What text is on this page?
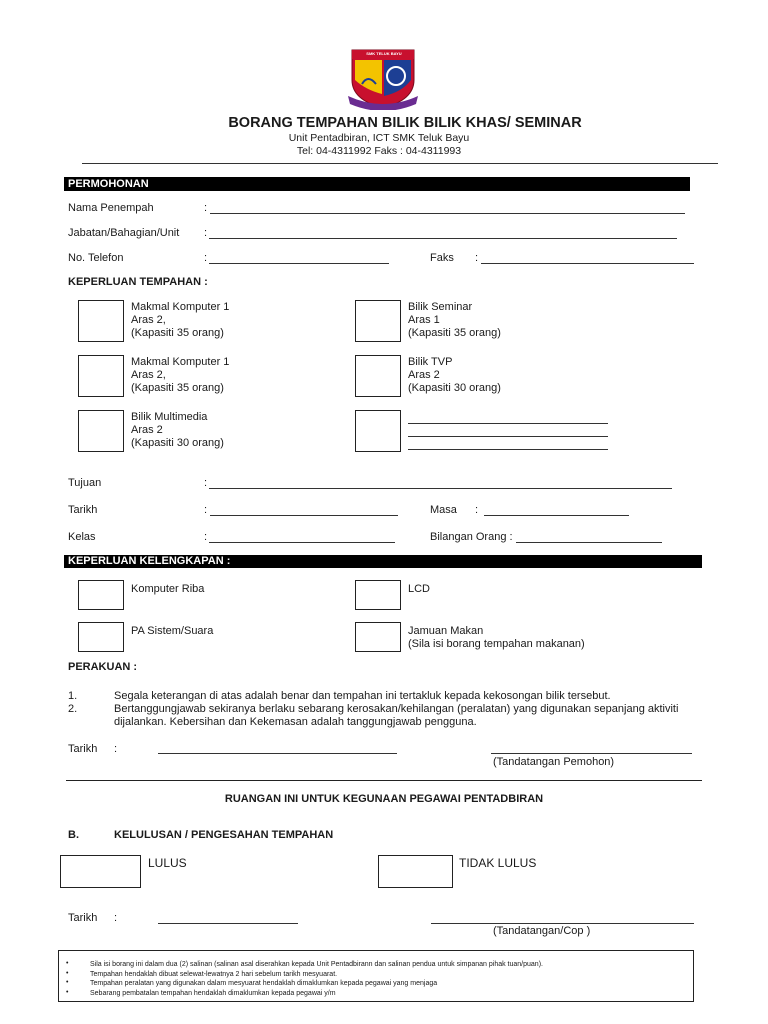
SMK TELUK BAYU
BORANG TEMPAHAN BILIK BILIK KHAS/ SEMINAR
Unit Pentadbiran, ICT SMK Teluk Bayu
Tel: 04-4311992 Faks : 04-4311993
PERMOHONAN
Nama Penempah	:
Jabatan/Bahagian/Unit :
No. Telefon	:	Faks :
KEPERLUAN TEMPAHAN :
Makmal Komputer 1
Aras 2,
(Kapasiti 35 orang)
Bilik Seminar
Aras 1
(Kapasiti 35 orang)
Makmal Komputer 1
Aras 2,
(Kapasiti 35 orang)
Bilik TVP
Aras 2
(Kapasiti 30 orang)
Bilik Multimedia
Aras 2
(Kapasiti 30 orang)
Tujuan	:
Tarikh	:	Masa :
Kelas	:	Bilangan Orang :
KEPERLUAN KELENGKAPAN :
Komputer Riba	LCD
PA Sistem/Suara	Jamuan Makan
(Sila isi borang tempahan makanan)
PERAKUAN :
1.	Segala keterangan di atas adalah benar dan tempahan ini tertakluk kepada kekosongan bilik tersebut.
2.	Bertanggungjawab sekiranya berlaku sebarang kerosakan/kehilangan (peralatan) yang digunakan sepanjang aktiviti
dijalankan. Kebersihan dan Kekemasan adalah tanggungjawab pengguna.
Tarikh :
(Tandatangan Pemohon)
RUANGAN INI UNTUK KEGUNAAN PEGAWAI PENTADBIRAN
B.	KELULUSAN / PENGESAHAN TEMPAHAN
LULUS	TIDAK LULUS
Tarikh :
(Tandatangan/Cop )
•	Sila isi borang ini dalam dua (2) salinan (salinan asal diserahkan kepada Unit Pentadbirann dan salinan pendua untuk simpanan pihak tuan/puan).
•	Tempahan hendaklah dibuat selewat-lewatnya 2 hari sebelum tarikh mesyuarat.
•	Tempahan peralatan yang digunakan dalam mesyuarat hendaklah dimaklumkan kepada pegawai yang menjaga
•	Sebarang pembatalan tempahan hendaklah dimaklumkan kepada pegawai y/m
